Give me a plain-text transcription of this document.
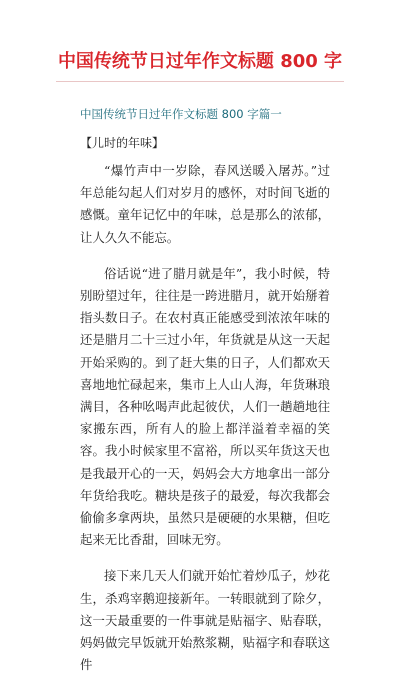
中国传统节日过年作文标题 800 字
中国传统节日过年作文标题 800 字篇一
【儿时的年味】

“爆竹声中一岁除，春风送暖入屠苏。”过年总能勾起人们对岁月的感怀，对时间飞逝的感慨。童年记忆中的年味，总是那么的浓郁，让人久久不能忘。

俗话说“进了腊月就是年”，我小时候，特别盼望过年，往往是一跨进腊月，就开始掰着指头数日子。在农村真正能感受到浓浓年味的还是腊月二十三过小年，年货就是从这一天起开始采购的。到了赶大集的日子，人们都欢天喜地地忙碌起来，集市上人山人海，年货琳琅满目，各种吆喝声此起彼伏，人们一趟趟地往家搬东西，所有人的脸上都洋溢着幸福的笑容。我小时候家里不富裕，所以买年货这天也是我最开心的一天，妈妈会大方地拿出一部分年货给我吃。糖块是孩子的最爱，每次我都会偷偷多拿两块，虽然只是硬硬的水果糖，但吃起来无比香甜，回味无穷。

接下来几天人们就开始忙着炒瓜子，炒花生，杀鸡宰鹅迎接新年。一转眼就到了除夕，这一天最重要的一件事就是贴福字、贴春联，妈妈做完早饭就开始熬浆糊，贴福字和春联这件
